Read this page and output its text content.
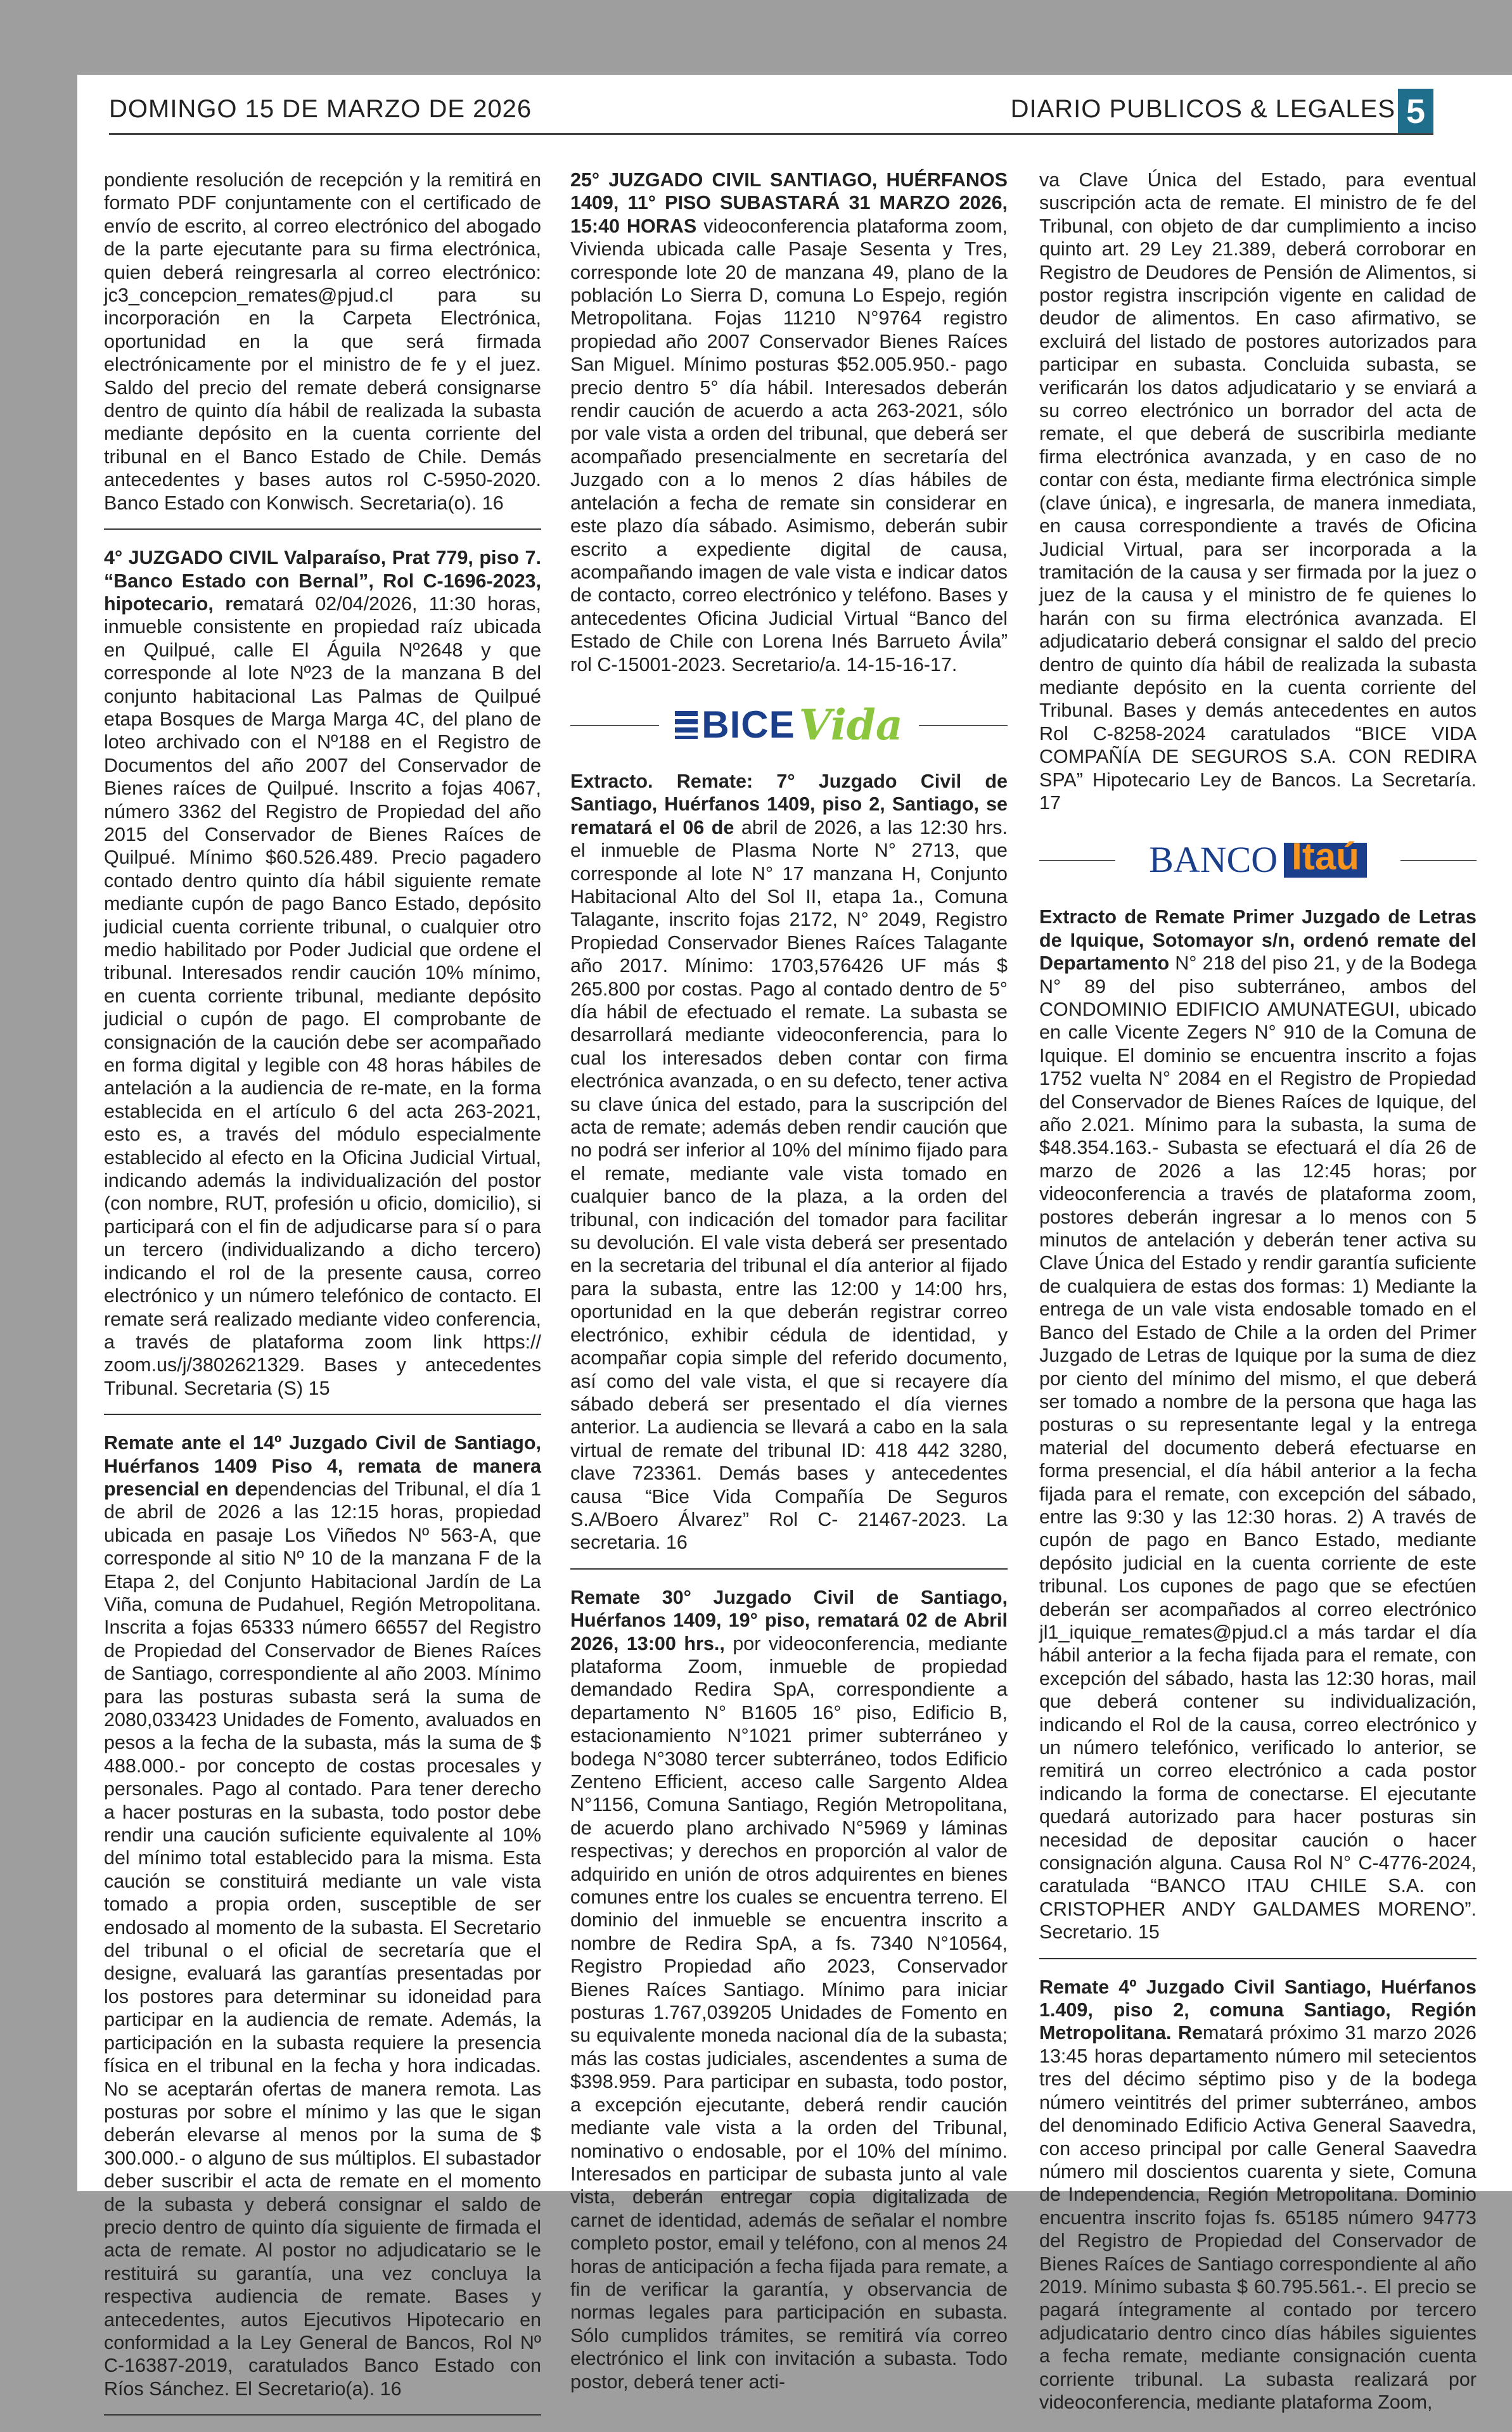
DOMINGO 15 DE MARZO DE 2026	DIARIO PUBLICOS & LEGALES 5

pondiente resolución de recepción y la remitirá en formato PDF conjuntamente con el certificado de envío de escrito, al correo electrónico del abogado de la parte ejecutante para su firma electrónica, quien deberá reingresarla al correo electrónico: jc3_concepcion_remates@pjud.cl para su incorporación en la Carpeta Electrónica, oportunidad en la que será firmada electrónicamente por el ministro de fe y el juez. Saldo del precio del remate deberá consignarse dentro de quinto día hábil de realizada la subasta mediante depósito en la cuenta corriente del tribunal en el Banco Estado de Chile. Demás antecedentes y bases autos rol C-5950-2020. Banco Estado con Konwisch. Secretaria(o). 16

4° JUZGADO CIVIL Valparaíso, Prat 779, piso 7. “Banco Estado con Bernal”, Rol C-1696-2023, hipotecario, rematará 02/04/2026, 11:30 horas, inmueble consistente en propiedad raíz ubicada en Quilpué, calle El Águila Nº2648 y que corresponde al lote Nº23 de la manzana B del conjunto habitacional Las Palmas de Quilpué etapa Bosques de Marga Marga 4C, del plano de loteo archivado con el Nº188 en el Registro de Documentos del año 2007 del Conservador de Bienes raíces de Quilpué. Inscrito a fojas 4067, número 3362 del Registro de Propiedad del año 2015 del Conservador de Bienes Raíces de Quilpué. Mínimo $60.526.489. Precio pagadero contado dentro quinto día hábil siguiente remate mediante cupón de pago Banco Estado, depósito judicial cuenta corriente tribunal, o cualquier otro medio habilitado por Poder Judicial que ordene el tribunal. Interesados rendir caución 10% mínimo, en cuenta corriente tribunal, mediante depósito judicial o cupón de pago. El comprobante de consignación de la caución debe ser acompañado en forma digital y legible con 48 horas hábiles de antelación a la audiencia de re-mate, en la forma establecida en el artículo 6 del acta 263-2021, esto es, a través del módulo especialmente establecido al efecto en la Oficina Judicial Virtual, indicando además la individualización del postor (con nombre, RUT, profesión u oficio, domicilio), si participará con el fin de adjudicarse para sí o para un tercero (individualizando a dicho tercero) indicando el rol de la presente causa, correo electrónico y un número telefónico de contacto. El remate será realizado mediante video conferencia, a través de plataforma zoom link https:// zoom.us/j/3802621329. Bases y antecedentes Tribunal. Secretaria (S) 15

Remate ante el 14º Juzgado Civil de Santiago, Huérfanos 1409 Piso 4, remata de manera presencial en dependencias del Tribunal, el día 1 de abril de 2026 a las 12:15 horas, propiedad ubicada en pasaje Los Viñedos Nº 563-A, que corresponde al sitio Nº 10 de la manzana F de la Etapa 2, del Conjunto Habitacional Jardín de La Viña, comuna de Pudahuel, Región Metropolitana. Inscrita a fojas 65333 número 66557 del Registro de Propiedad del Conservador de Bienes Raíces de Santiago, correspondiente al año 2003. Mínimo para las posturas subasta será la suma de 2080,033423 Unidades de Fomento, avaluados en pesos a la fecha de la subasta, más la suma de $ 488.000.- por concepto de costas procesales y personales. Pago al contado. Para tener derecho a hacer posturas en la subasta, todo postor debe rendir una caución suficiente equivalente al 10% del mínimo total establecido para la misma. Esta caución se constituirá mediante un vale vista tomado a propia orden, susceptible de ser endosado al momento de la subasta. El Secretario del tribunal o el oficial de secretaría que el designe, evaluará las garantías presentadas por los postores para determinar su idoneidad para participar en la audiencia de remate. Además, la participación en la subasta requiere la presencia física en el tribunal en la fecha y hora indicadas. No se aceptarán ofertas de manera remota. Las posturas por sobre el mínimo y las que le sigan deberán elevarse al menos por la suma de $ 300.000.- o alguno de sus múltiplos. El subastador deber suscribir el acta de remate en el momento de la subasta y deberá consignar el saldo de precio dentro de quinto día siguiente de firmada el acta de remate. Al postor no adjudicatario se le restituirá su garantía, una vez concluya la respectiva audiencia de remate. Bases y antecedentes, autos Ejecutivos Hipotecario en conformidad a la Ley General de Bancos, Rol Nº C-16387-2019, caratulados Banco Estado con Ríos Sánchez. El Secretario(a). 16

25° JUZGADO CIVIL SANTIAGO, HUÉRFANOS 1409, 11° PISO SUBASTARÁ 31 MARZO 2026, 15:40 HORAS videoconferencia plataforma zoom, Vivienda ubicada calle Pasaje Sesenta y Tres, corresponde lote 20 de manzana 49, plano de la población Lo Sierra D, comuna Lo Espejo, región Metropolitana. Fojas 11210 N°9764 registro propiedad año 2007 Conservador Bienes Raíces San Miguel. Mínimo posturas $52.005.950.- pago precio dentro 5° día hábil. Interesados deberán rendir caución de acuerdo a acta 263-2021, sólo por vale vista a orden del tribunal, que deberá ser acompañado presencialmente en secretaría del Juzgado con a lo menos 2 días hábiles de antelación a fecha de remate sin considerar en este plazo día sábado. Asimismo, deberán subir escrito a expediente digital de causa, acompañando imagen de vale vista e indicar datos de contacto, correo electrónico y teléfono. Bases y antecedentes Oficina Judicial Virtual “Banco del Estado de Chile con Lorena Inés Barrueto Ávila” rol C-15001-2023. Secretario/a. 14-15-16-17.

BICE Vida

Extracto. Remate: 7° Juzgado Civil de Santiago, Huérfanos 1409, piso 2, Santiago, se rematará el 06 de abril de 2026, a las 12:30 hrs. el inmueble de Plasma Norte N° 2713, que corresponde al lote N° 17 manzana H, Conjunto Habitacional Alto del Sol II, etapa 1a., Comuna Talagante, inscrito fojas 2172, N° 2049, Registro Propiedad Conservador Bienes Raíces Talagante año 2017. Mínimo: 1703,576426 UF más $ 265.800 por costas. Pago al contado dentro de 5° día hábil de efectuado el remate. La subasta se desarrollará mediante videoconferencia, para lo cual los interesados deben contar con firma electrónica avanzada, o en su defecto, tener activa su clave única del estado, para la suscripción del acta de remate; además deben rendir caución que no podrá ser inferior al 10% del mínimo fijado para el remate, mediante vale vista tomado en cualquier banco de la plaza, a la orden del tribunal, con indicación del tomador para facilitar su devolución. El vale vista deberá ser presentado en la secretaria del tribunal el día anterior al fijado para la subasta, entre las 12:00 y 14:00 hrs, oportunidad en la que deberán registrar correo electrónico, exhibir cédula de identidad, y acompañar copia simple del referido documento, así como del vale vista, el que si recayere día sábado deberá ser presentado el día viernes anterior. La audiencia se llevará a cabo en la sala virtual de remate del tribunal ID: 418 442 3280, clave 723361. Demás bases y antecedentes causa “Bice Vida Compañía De Seguros S.A/Boero Álvarez” Rol C- 21467-2023. La secretaria. 16

Remate 30° Juzgado Civil de Santiago, Huérfanos 1409, 19° piso, rematará 02 de Abril 2026, 13:00 hrs., por videoconferencia, mediante plataforma Zoom, inmueble de propiedad demandado Redira SpA, correspondiente a departamento N° B1605 16° piso, Edificio B, estacionamiento N°1021 primer subterráneo y bodega N°3080 tercer subterráneo, todos Edificio Zenteno Efficient, acceso calle Sargento Aldea N°1156, Comuna Santiago, Región Metropolitana, de acuerdo plano archivado N°5969 y láminas respectivas; y derechos en proporción al valor de adquirido en unión de otros adquirentes en bienes comunes entre los cuales se encuentra terreno. El dominio del inmueble se encuentra inscrito a nombre de Redira SpA, a fs. 7340 N°10564, Registro Propiedad año 2023, Conservador Bienes Raíces Santiago. Mínimo para iniciar posturas 1.767,039205 Unidades de Fomento en su equivalente moneda nacional día de la subasta; más las costas judiciales, ascendentes a suma de $398.959. Para participar en subasta, todo postor, a excepción ejecutante, deberá rendir caución mediante vale vista a la orden del Tribunal, nominativo o endosable, por el 10% del mínimo. Interesados en participar de subasta junto al vale vista, deberán entregar copia digitalizada de carnet de identidad, además de señalar el nombre completo postor, email y teléfono, con al menos 24 horas de anticipación a fecha fijada para remate, a fin de verificar la garantía, y observancia de normas legales para participación en subasta. Sólo cumplidos trámites, se remitirá vía correo electrónico el link con invitación a subasta. Todo postor, deberá tener acti-

va Clave Única del Estado, para eventual suscripción acta de remate. El ministro de fe del Tribunal, con objeto de dar cumplimiento a inciso quinto art. 29 Ley 21.389, deberá corroborar en Registro de Deudores de Pensión de Alimentos, si postor registra inscripción vigente en calidad de deudor de alimentos. En caso afirmativo, se excluirá del listado de postores autorizados para participar en subasta. Concluida subasta, se verificarán los datos adjudicatario y se enviará a su correo electrónico un borrador del acta de remate, el que deberá de suscribirla mediante firma electrónica avanzada, y en caso de no contar con ésta, mediante firma electrónica simple (clave única), e ingresarla, de manera inmediata, en causa correspondiente a través de Oficina Judicial Virtual, para ser incorporada a la tramitación de la causa y ser firmada por la juez o juez de la causa y el ministro de fe quienes lo harán con su firma electrónica avanzada. El adjudicatario deberá consignar el saldo del precio dentro de quinto día hábil de realizada la subasta mediante depósito en la cuenta corriente del Tribunal. Bases y demás antecedentes en autos Rol C-8258-2024 caratulados “BICE VIDA COMPAÑÍA DE SEGUROS S.A. CON REDIRA SPA” Hipotecario Ley de Bancos. La Secretaría. 17

BANCO Itaú

Extracto de Remate Primer Juzgado de Letras de Iquique, Sotomayor s/n, ordenó remate del Departamento N° 218 del piso 21, y de la Bodega N° 89 del piso subterráneo, ambos del CONDOMINIO EDIFICIO AMUNATEGUI, ubicado en calle Vicente Zegers N° 910 de la Comuna de Iquique. El dominio se encuentra inscrito a fojas 1752 vuelta N° 2084 en el Registro de Propiedad del Conservador de Bienes Raíces de Iquique, del año 2.021. Mínimo para la subasta, la suma de $48.354.163.- Subasta se efectuará el día 26 de marzo de 2026 a las 12:45 horas; por videoconferencia a través de plataforma zoom, postores deberán ingresar a lo menos con 5 minutos de antelación y deberán tener activa su Clave Única del Estado y rendir garantía suficiente de cualquiera de estas dos formas: 1) Mediante la entrega de un vale vista endosable tomado en el Banco del Estado de Chile a la orden del Primer Juzgado de Letras de Iquique por la suma de diez por ciento del mínimo del mismo, el que deberá ser tomado a nombre de la persona que haga las posturas o su representante legal y la entrega material del documento deberá efectuarse en forma presencial, el día hábil anterior a la fecha fijada para el remate, con excepción del sábado, entre las 9:30 y las 12:30 horas. 2) A través de cupón de pago en Banco Estado, mediante depósito judicial en la cuenta corriente de este tribunal. Los cupones de pago que se efectúen deberán ser acompañados al correo electrónico jl1_iquique_remates@pjud.cl a más tardar el día hábil anterior a la fecha fijada para el remate, con excepción del sábado, hasta las 12:30 horas, mail que deberá contener su individualización, indicando el Rol de la causa, correo electrónico y un número telefónico, verificado lo anterior, se remitirá un correo electrónico a cada postor indicando la forma de conectarse. El ejecutante quedará autorizado para hacer posturas sin necesidad de depositar caución o hacer consignación alguna. Causa Rol N° C-4776-2024, caratulada “BANCO ITAU CHILE S.A. con CRISTOPHER ANDY GALDAMES MORENO”. Secretario. 15

Remate 4º Juzgado Civil Santiago, Huérfanos 1.409, piso 2, comuna Santiago, Región Metropolitana. Rematará próximo 31 marzo 2026 13:45 horas departamento número mil setecientos tres del décimo séptimo piso y de la bodega número veintitrés del primer subterráneo, ambos del denominado Edificio Activa General Saavedra, con acceso principal por calle General Saavedra número mil doscientos cuarenta y siete, Comuna de Independencia, Región Metropolitana. Dominio encuentra inscrito fojas fs. 65185 número 94773 del Registro de Propiedad del Conservador de Bienes Raíces de Santiago correspondiente al año 2019. Mínimo subasta $ 60.795.561.-. El precio se pagará íntegramente al contado por tercero adjudicatario dentro cinco días hábiles siguientes a fecha remate, mediante consignación cuenta corriente tribunal. La subasta realizará por videoconferencia, mediante plataforma Zoom,
